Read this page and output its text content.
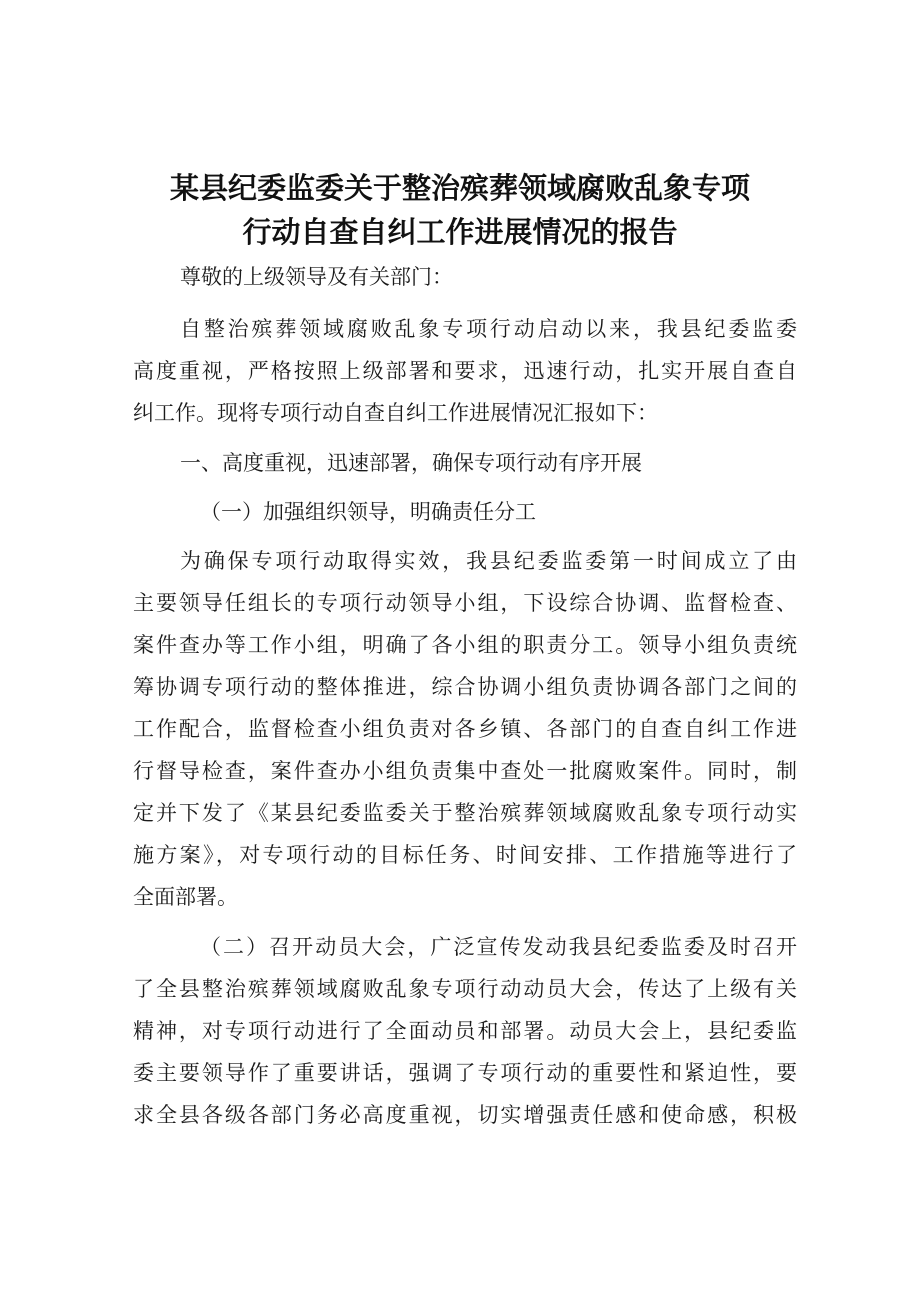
某县纪委监委关于整治殡葬领域腐败乱象专项
行动自查自纠工作进展情况的报告
尊敬的上级领导及有关部门：
自整治殡葬领域腐败乱象专项行动启动以来，我县纪委监委
高度重视，严格按照上级部署和要求，迅速行动，扎实开展自查自
纠工作。现将专项行动自查自纠工作进展情况汇报如下：
一、高度重视，迅速部署，确保专项行动有序开展
（一）加强组织领导，明确责任分工
为确保专项行动取得实效，我县纪委监委第一时间成立了由
主要领导任组长的专项行动领导小组，下设综合协调、监督检查、
案件查办等工作小组，明确了各小组的职责分工。领导小组负责统
筹协调专项行动的整体推进，综合协调小组负责协调各部门之间的
工作配合，监督检查小组负责对各乡镇、各部门的自查自纠工作进
行督导检查，案件查办小组负责集中查处一批腐败案件。同时，制
定并下发了《某县纪委监委关于整治殡葬领域腐败乱象专项行动实
施方案》，对专项行动的目标任务、时间安排、工作措施等进行了
全面部署。
（二）召开动员大会，广泛宣传发动我县纪委监委及时召开
了全县整治殡葬领域腐败乱象专项行动动员大会，传达了上级有关
精神，对专项行动进行了全面动员和部署。动员大会上，县纪委监
委主要领导作了重要讲话，强调了专项行动的重要性和紧迫性，要
求全县各级各部门务必高度重视，切实增强责任感和使命感，积极
